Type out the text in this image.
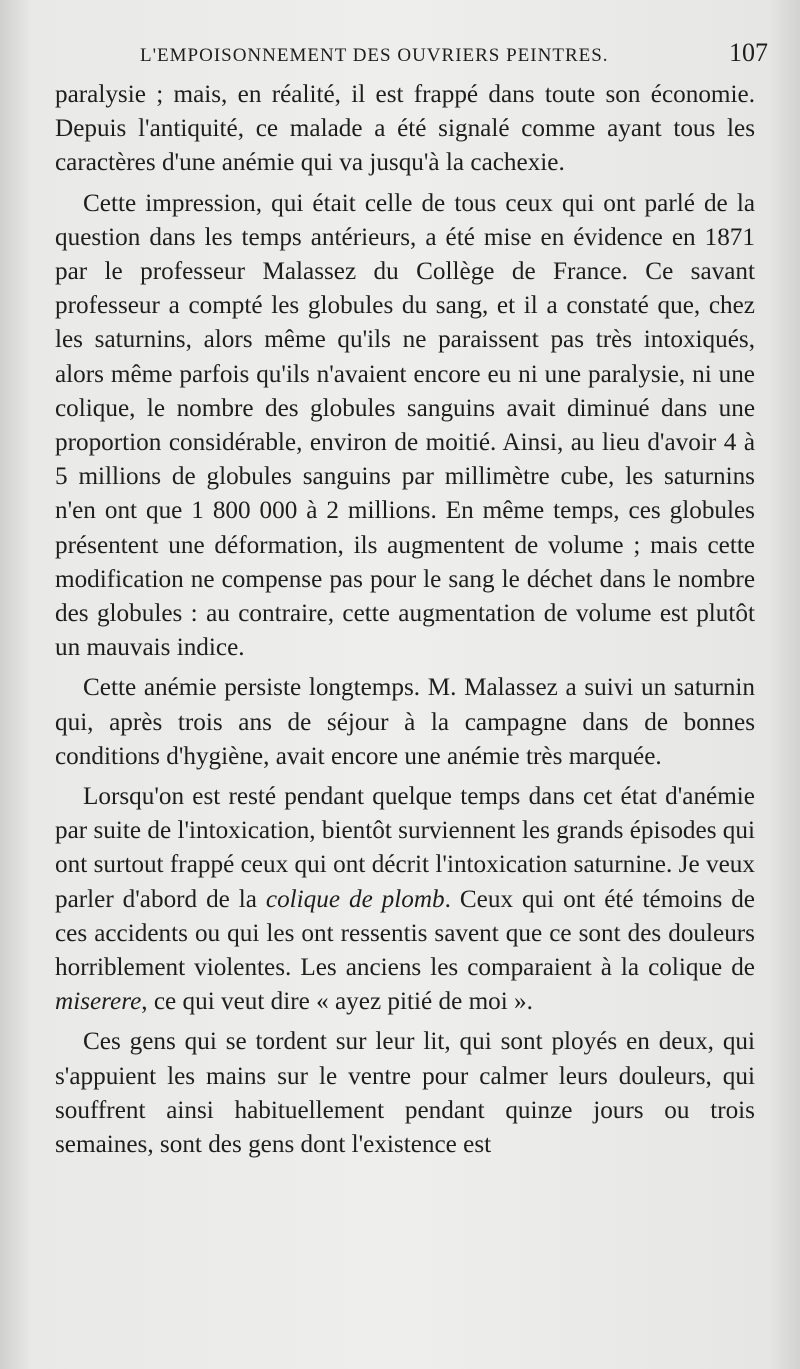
L'EMPOISONNEMENT DES OUVRIERS PEINTRES.	107

paralysie ; mais, en réalité, il est frappé dans toute son économie. Depuis l'antiquité, ce malade a été signalé comme ayant tous les caractères d'une anémie qui va jusqu'à la cachexie.

Cette impression, qui était celle de tous ceux qui ont parlé de la question dans les temps antérieurs, a été mise en évidence en 1871 par le professeur Malassez du Collège de France. Ce savant professeur a compté les globules du sang, et il a constaté que, chez les saturnins, alors même qu'ils ne paraissent pas très intoxiqués, alors même parfois qu'ils n'avaient encore eu ni une paralysie, ni une colique, le nombre des globules sanguins avait diminué dans une proportion considérable, environ de moitié. Ainsi, au lieu d'avoir 4 à 5 millions de globules sanguins par millimètre cube, les saturnins n'en ont que 1 800 000 à 2 millions. En même temps, ces globules présentent une déformation, ils augmentent de volume ; mais cette modification ne compense pas pour le sang le déchet dans le nombre des globules : au contraire, cette augmentation de volume est plutôt un mauvais indice.

Cette anémie persiste longtemps. M. Malassez a suivi un saturnin qui, après trois ans de séjour à la campagne dans de bonnes conditions d'hygiène, avait encore une anémie très marquée.

Lorsqu'on est resté pendant quelque temps dans cet état d'anémie par suite de l'intoxication, bientôt surviennent les grands épisodes qui ont surtout frappé ceux qui ont décrit l'intoxication saturnine. Je veux parler d'abord de la colique de plomb. Ceux qui ont été témoins de ces accidents ou qui les ont ressentis savent que ce sont des douleurs horriblement violentes. Les anciens les comparaient à la colique de miserere, ce qui veut dire « ayez pitié de moi ».

Ces gens qui se tordent sur leur lit, qui sont ployés en deux, qui s'appuient les mains sur le ventre pour calmer leurs douleurs, qui souffrent ainsi habituellement pendant quinze jours ou trois semaines, sont des gens dont l'existence est
